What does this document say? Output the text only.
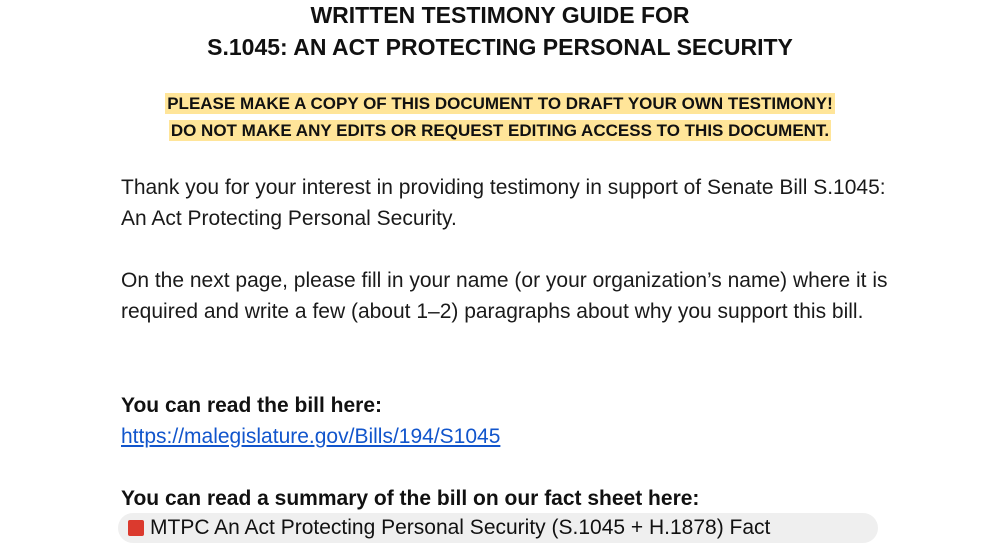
WRITTEN TESTIMONY GUIDE FOR
S.1045: AN ACT PROTECTING PERSONAL SECURITY
PLEASE MAKE A COPY OF THIS DOCUMENT TO DRAFT YOUR OWN TESTIMONY!
DO NOT MAKE ANY EDITS OR REQUEST EDITING ACCESS TO THIS DOCUMENT.
Thank you for your interest in providing testimony in support of Senate Bill S.1045: An Act Protecting Personal Security.
On the next page, please fill in your name (or your organization’s name) where it is required and write a few (about 1–2) paragraphs about why you support this bill.
You can read the bill here:
https://malegislature.gov/Bills/194/S1045
You can read a summary of the bill on our fact sheet here:
MTPC An Act Protecting Personal Security (S.1045 + H.1878) Fact
